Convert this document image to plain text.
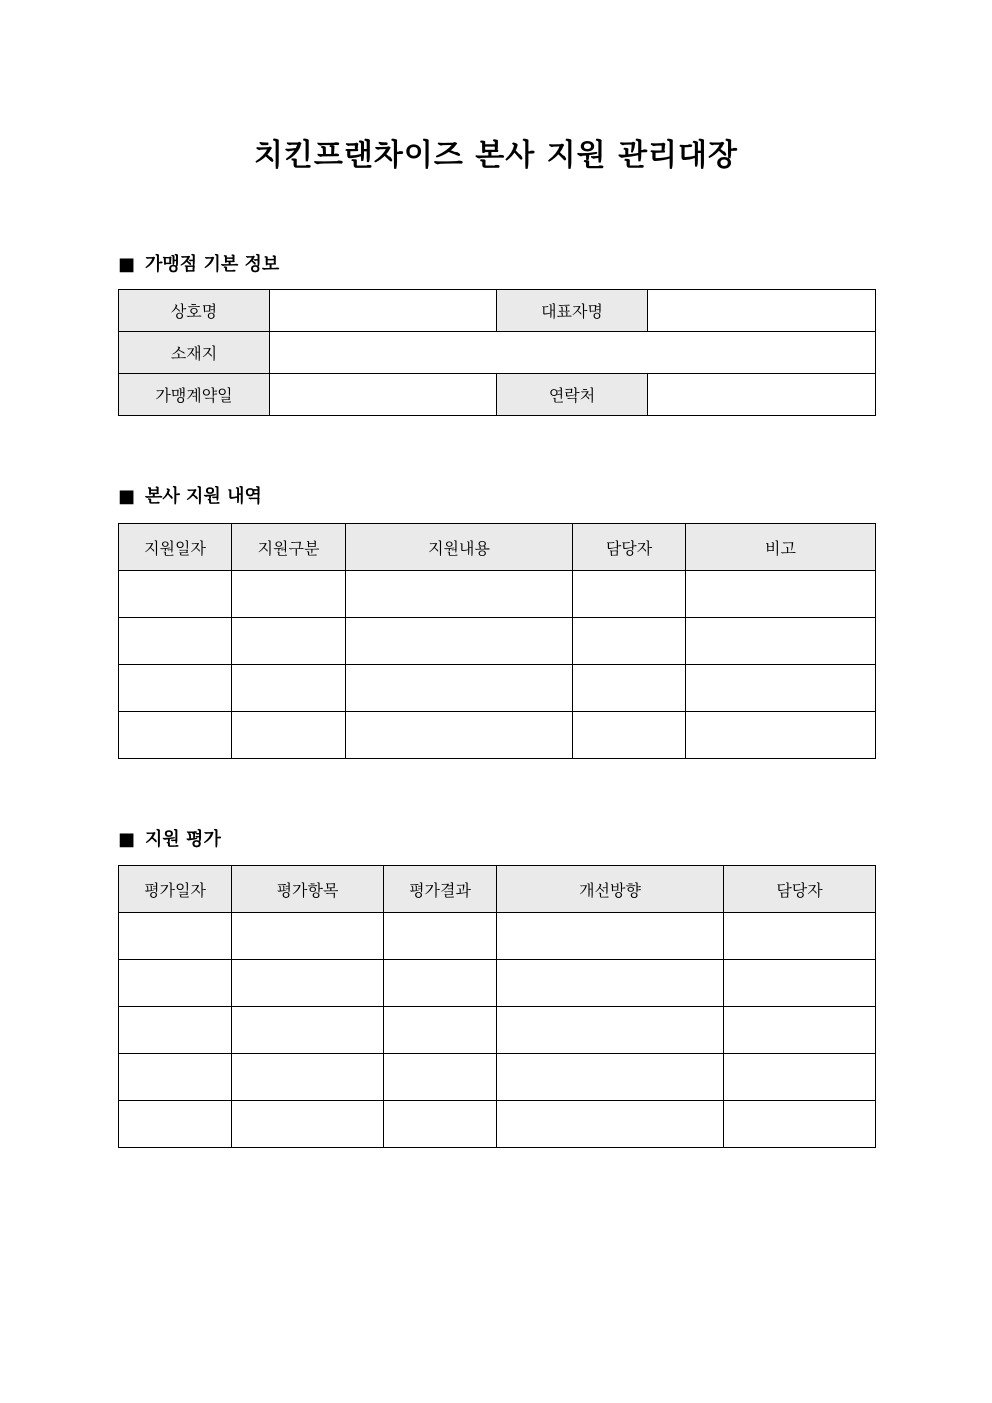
치킨프랜차이즈 본사 지원 관리대장
■ 가맹점 기본 정보
상호명		대표자명	
소재지			
가맹계약일		연락처	
■ 본사 지원 내역
지원일자	지원구분	지원내용	담당자	비고

■ 지원 평가
평가일자	평가항목	평가결과	개선방향	담당자
